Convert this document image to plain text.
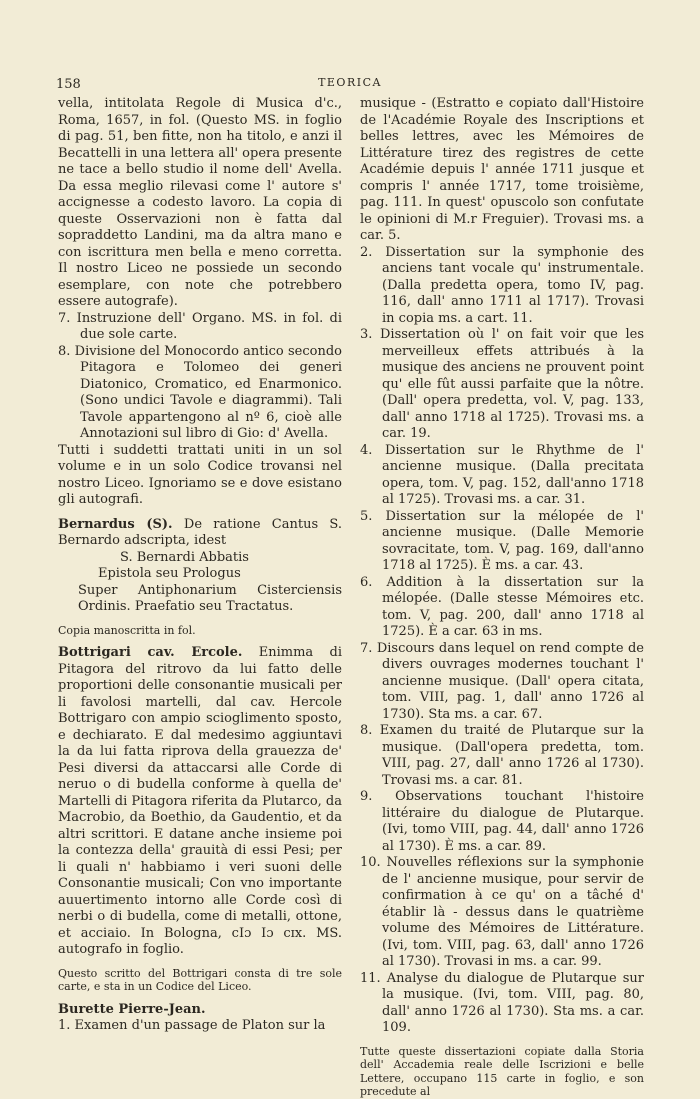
158	TEORICA

vella, intitolata Regole di Musica d'c., Roma, 1657, in fol. (Questo MS. in foglio di pag. 51, ben fitte, non ha titolo, e anzi il Becattelli in una lettera all' opera presente ne tace a bello studio il nome dell' Avella. Da essa meglio rilevasi come l' autore s' accignesse a codesto lavoro. La copia di queste Osservazioni non è fatta dal sopraddetto Landini, ma da altra mano e con iscrittura men bella e meno corretta. Il nostro Liceo ne possiede un secondo esemplare, con note che potrebbero essere autografe).

7. Instruzione dell' Organo. MS. in fol. di due sole carte.

8. Divisione del Monocordo antico secondo Pitagora e Tolomeo dei generi Diatonico, Cromatico, ed Enarmonico. (Sono undici Tavole e diagrammi). Tali Tavole appartengono al nº 6, cioè alle Annotazioni sul libro di Gio: d' Avella.

Tutti i suddetti trattati uniti in un sol volume e in un solo Codice trovansi nel nostro Liceo. Ignoriamo se e dove esistano gli autografi.

Bernardus (S). De ratione Cantus S. Bernardo adscripta, idest

S. Bernardi Abbatis

Epistola seu Prologus

Super Antiphonarium Cisterciensis Ordinis. Praefatio seu Tractatus.

Copia manoscritta in fol.

Bottrigari cav. Ercole. Enimma di Pitagora del ritrovo da lui fatto delle proportioni delle consonantie musicali per li favolosi martelli, dal cav. Hercole Bottrigaro con ampio scioglimento sposto, e dechiarato. E dal medesimo aggiuntavi la da lui fatta riprova della grauezza de' Pesi diversi da attaccarsi alle Corde di neruo o di budella conforme à quella de' Martelli di Pitagora riferita da Plutarco, da Macrobio, da Boethio, da Gaudentio, et da altri scrittori. E datane anche insieme poi la contezza della' grauità di essi Pesi; per li quali n' habbiamo i veri suoni delle Consonantie musicali; Con vno importante auuertimento intorno alle Corde così di nerbi o di budella, come di metalli, ottone, et acciaio. In Bologna, cIɔ Iɔ cɪx. MS. autografo in foglio.

Questo scritto del Bottrigari consta di tre sole carte, e sta in un Codice del Liceo.

Burette Pierre-Jean.

1. Examen d'un passage de Platon sur la

musique - (Estratto e copiato dall'Histoire de l'Académie Royale des Inscriptions et belles lettres, avec les Mémoires de Littérature tirez des registres de cette Académie depuis l' année 1711 jusque et compris l' année 1717, tome troisième, pag. 111. In quest' opuscolo son confutate le opinioni di M.r Freguier). Trovasi ms. a car. 5.

2. Dissertation sur la symphonie des anciens tant vocale qu' instrumentale. (Dalla predetta opera, tomo IV, pag. 116, dall' anno 1711 al 1717). Trovasi in copia ms. a cart. 11.

3. Dissertation où l' on fait voir que les merveilleux effets attribués à la musique des anciens ne prouvent point qu' elle fût aussi parfaite que la nôtre. (Dall' opera predetta, vol. V, pag. 133, dall' anno 1718 al 1725). Trovasi ms. a car. 19.

4. Dissertation sur le Rhythme de l' ancienne musique. (Dalla precitata opera, tom. V, pag. 152, dall'anno 1718 al 1725). Trovasi ms. a car. 31.

5. Dissertation sur la mélopée de l' ancienne musique. (Dalle Memorie sovracitate, tom. V, pag. 169, dall'anno 1718 al 1725). È ms. a car. 43.

6. Addition à la dissertation sur la mélopée. (Dalle stesse Mémoires etc. tom. V, pag. 200, dall' anno 1718 al 1725). È a car. 63 in ms.

7. Discours dans lequel on rend compte de divers ouvrages modernes touchant l' ancienne musique. (Dall' opera citata, tom. VIII, pag. 1, dall' anno 1726 al 1730). Sta ms. a car. 67.

8. Examen du traité de Plutarque sur la musique. (Dall'opera predetta, tom. VIII, pag. 27, dall' anno 1726 al 1730). Trovasi ms. a car. 81.

9. Observations touchant l'histoire littéraire du dialogue de Plutarque. (Ivi, tomo VIII, pag. 44, dall' anno 1726 al 1730). È ms. a car. 89.

10. Nouvelles réflexions sur la symphonie de l' ancienne musique, pour servir de confirmation à ce qu' on a tâché d' établir là - dessus dans le quatrième volume des Mémoires de Littérature. (Ivi, tom. VIII, pag. 63, dall' anno 1726 al 1730). Trovasi in ms. a car. 99.

11. Analyse du dialogue de Plutarque sur la musique. (Ivi, tom. VIII, pag. 80, dall' anno 1726 al 1730). Sta ms. a car. 109.

Tutte queste dissertazioni copiate dalla Storia dell' Accademia reale delle Iscrizioni e belle Lettere, occupano 115 carte in foglio, e son precedute al
